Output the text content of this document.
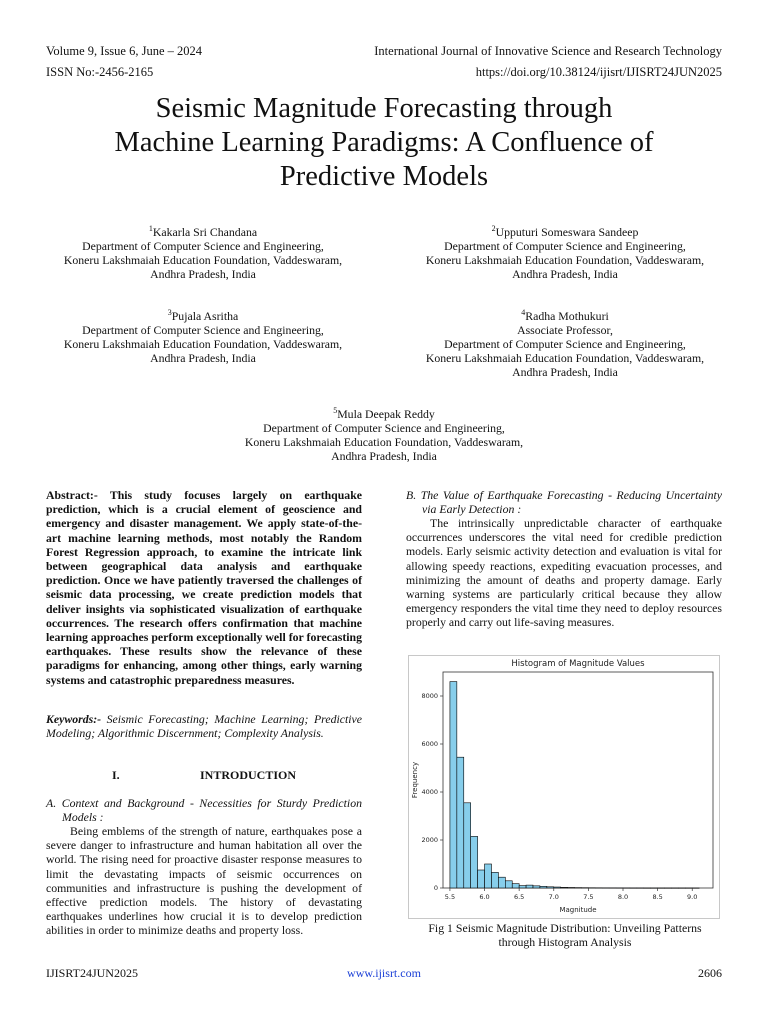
Volume 9, Issue 6, June – 2024	International Journal of Innovative Science and Research Technology
ISSN No:-2456-2165	https://doi.org/10.38124/ijisrt/IJISRT24JUN2025
Seismic Magnitude Forecasting through
Machine Learning Paradigms: A Confluence of
Predictive Models
$^1$Kakarla Sri Chandana
Department of Computer Science and Engineering,
Koneru Lakshmaiah Education Foundation, Vaddeswaram,
Andhra Pradesh, India
$^2$Upputuri Someswara Sandeep
Department of Computer Science and Engineering,
Koneru Lakshmaiah Education Foundation, Vaddeswaram,
Andhra Pradesh, India
$^3$Pujala Asritha
Department of Computer Science and Engineering,
Koneru Lakshmaiah Education Foundation, Vaddeswaram,
Andhra Pradesh, India
$^4$Radha Mothukuri
Associate Professor,
Department of Computer Science and Engineering,
Koneru Lakshmaiah Education Foundation, Vaddeswaram,
Andhra Pradesh, India
$^5$Mula Deepak Reddy
Department of Computer Science and Engineering,
Koneru Lakshmaiah Education Foundation, Vaddeswaram,
Andhra Pradesh, India
Abstract:- This study focuses largely on earthquake prediction, which is a crucial element of geoscience and emergency and disaster management. We apply state-of-the-art machine learning methods, most notably the Random Forest Regression approach, to examine the intricate link between geographical data analysis and earthquake prediction. Once we have patiently traversed the challenges of seismic data processing, we create prediction models that deliver insights via sophisticated visualization of earthquake occurrences. The research offers confirmation that machine learning approaches perform exceptionally well for forecasting earthquakes. These results show the relevance of these paradigms for enhancing, among other things, early warning systems and catastrophic preparedness measures.
Keywords:- Seismic Forecasting; Machine Learning; Predictive Modeling; Algorithmic Discernment; Complexity Analysis.
I.	INTRODUCTION
A. Context and Background - Necessities for Sturdy Prediction Models :
Being emblems of the strength of nature, earthquakes pose a severe danger to infrastructure and human habitation all over the world. The rising need for proactive disaster response measures to limit the devastating impacts of seismic occurrences on communities and infrastructure is pushing the development of effective prediction models. The history of devastating earthquakes underlines how crucial it is to develop prediction abilities in order to minimize deaths and property loss.
B. The Value of Earthquake Forecasting - Reducing Uncertainty via Early Detection :
The intrinsically unpredictable character of earthquake occurrences underscores the vital need for credible prediction models. Early seismic activity detection and evaluation is vital for allowing speedy reactions, expediting evacuation processes, and minimizing the amount of deaths and property damage. Early warning systems are particularly critical because they allow emergency responders the vital time they need to deploy resources properly and carry out life-saving measures.
Histogram of Magnitude Values
5.5	6.0	6.5	7.0	7.5	8.0	8.5	9.0
0
2000
4000
6000
8000
Magnitude
Frequency
Fig 1 Seismic Magnitude Distribution: Unveiling Patterns
through Histogram Analysis
IJISRT24JUN2025	www.ijisrt.com	2606
